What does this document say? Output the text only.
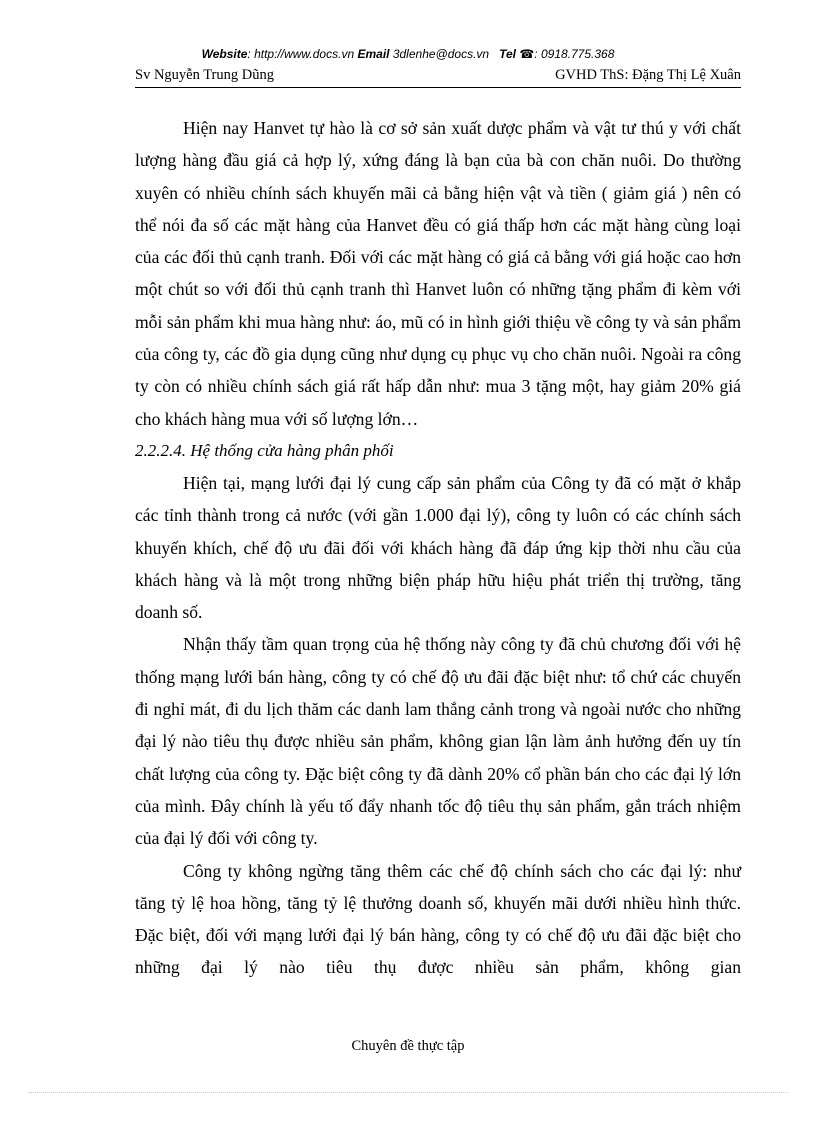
Website: http://www.docs.vn Email 3dlenhe@docs.vn Tel ☎: 0918.775.368
Sv Nguyễn Trung Dũng	GVHD ThS: Đặng Thị Lệ Xuân

Hiện nay Hanvet tự hào là cơ sở sản xuất dược phẩm và vật tư thú y với chất lượng hàng đầu giá cả hợp lý, xứng đáng là bạn của bà con chăn nuôi. Do thường xuyên có nhiều chính sách khuyến mãi cả bằng hiện vật và tiền ( giảm giá ) nên có thể nói đa số các mặt hàng của Hanvet đều có giá thấp hơn các mặt hàng cùng loại của các đối thủ cạnh tranh. Đối với các mặt hàng có giá cả bằng với giá hoặc cao hơn một chút so với đối thủ cạnh tranh thì Hanvet luôn có những tặng phẩm đi kèm với mỗi sản phẩm khi mua hàng như: áo, mũ có in hình giới thiệu về công ty và sản phẩm của công ty, các đồ gia dụng cũng như dụng cụ phục vụ cho chăn nuôi. Ngoài ra công ty còn có nhiều chính sách giá rất hấp dẫn như: mua 3 tặng một, hay giảm 20% giá cho khách hàng mua với số lượng lớn…

2.2.2.4. Hệ thống cửa hàng phân phối

Hiện tại, mạng lưới đại lý cung cấp sản phẩm của Công ty đã có mặt ở khắp các tỉnh thành trong cả nước (với gần 1.000 đại lý), công ty luôn có các chính sách khuyến khích, chế độ ưu đãi đối với khách hàng đã đáp ứng kịp thời nhu cầu của khách hàng và là một trong những biện pháp hữu hiệu phát triển thị trường, tăng doanh số.

Nhận thấy tầm quan trọng của hệ thống này công ty đã chủ chương đối với hệ thống mạng lưới bán hàng, công ty có chế độ ưu đãi đặc biệt như: tổ chứ các chuyến đi nghỉ mát, đi du lịch thăm các danh lam thắng cảnh trong và ngoài nước cho những đại lý nào tiêu thụ được nhiều sản phẩm, không gian lận làm ảnh hưởng đến uy tín chất lượng của công ty. Đặc biệt công ty đã dành 20% cổ phần bán cho các đại lý lớn của mình. Đây chính là yếu tố đẩy nhanh tốc độ tiêu thụ sản phẩm, gắn trách nhiệm của đại lý đối với công ty.

Công ty không ngừng tăng thêm các chế độ chính sách cho các đại lý: như tăng tỷ lệ hoa hồng, tăng tỷ lệ thưởng doanh số, khuyến mãi dưới nhiều hình thức. Đặc biệt, đối với mạng lưới đại lý bán hàng, công ty có chế độ ưu đãi đặc biệt cho những đại lý nào tiêu thụ được nhiều sản phẩm, không gian

Chuyên đề thực tập
